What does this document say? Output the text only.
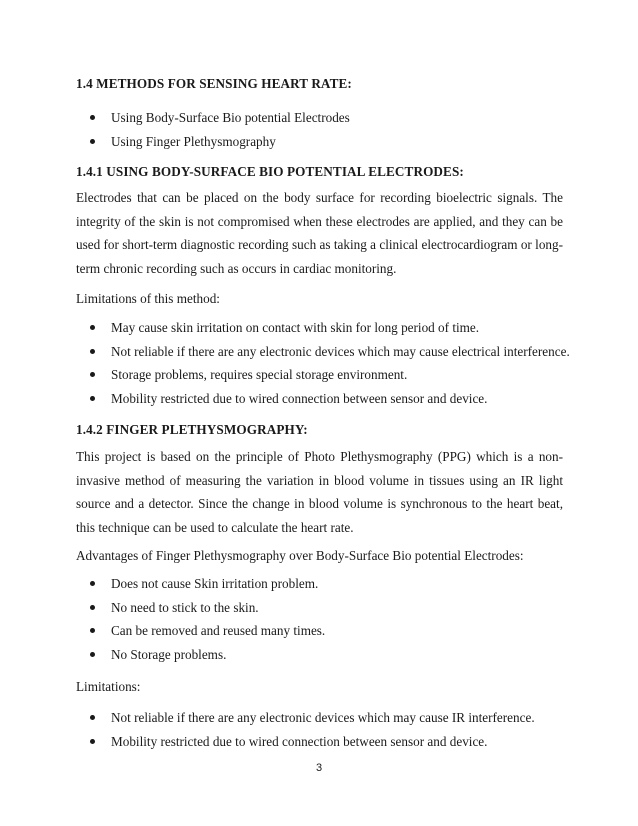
1.4 METHODS FOR SENSING HEART RATE:

Using Body-Surface Bio potential Electrodes
Using Finger Plethysmography

1.4.1 USING BODY-SURFACE BIO POTENTIAL ELECTRODES:

Electrodes that can be placed on the body surface for recording bioelectric signals. The integrity of the skin is not compromised when these electrodes are applied, and they can be used for short-term diagnostic recording such as taking a clinical electrocardiogram or long-term chronic recording such as occurs in cardiac monitoring.

Limitations of this method:

May cause skin irritation on contact with skin for long period of time.
Not reliable if there are any electronic devices which may cause electrical interference.
Storage problems, requires special storage environment.
Mobility restricted due to wired connection between sensor and device.

1.4.2 FINGER PLETHYSMOGRAPHY:

This project is based on the principle of Photo Plethysmography (PPG) which is a non-invasive method of measuring the variation in blood volume in tissues using an IR light source and a detector. Since the change in blood volume is synchronous to the heart beat, this technique can be used to calculate the heart rate.

Advantages of Finger Plethysmography over Body-Surface Bio potential Electrodes:

Does not cause Skin irritation problem.
No need to stick to the skin.
Can be removed and reused many times.
No Storage problems.

Limitations:

Not reliable if there are any electronic devices which may cause IR interference.
Mobility restricted due to wired connection between sensor and device.
3
